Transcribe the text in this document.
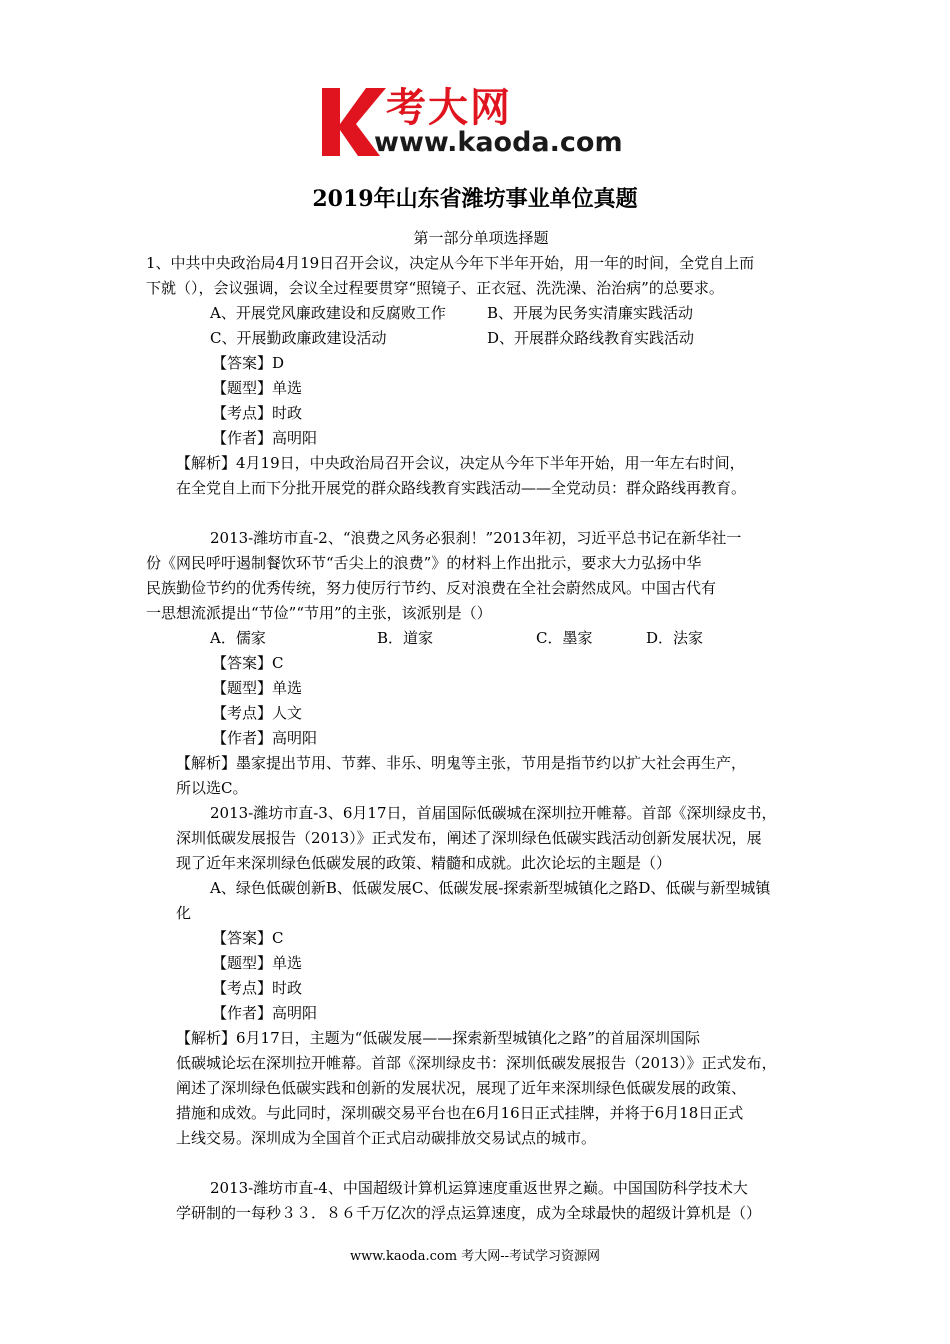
考大网
www.kaoda.com
2019年山东省潍坊事业单位真题
第一部分单项选择题
1、中共中央政治局4月19日召开会议，决定从今年下半年开始，用一年的时间，全党自上而
下就（），会议强调，会议全过程要贯穿“照镜子、正衣冠、洗洗澡、治治病”的总要求。
A、开展党风廉政建设和反腐败工作	B、开展为民务实清廉实践活动
C、开展勤政廉政建设活动	D、开展群众路线教育实践活动
【答案】D
【题型】单选
【考点】时政
【作者】高明阳
【解析】4月19日，中央政治局召开会议，决定从今年下半年开始，用一年左右时间，
在全党自上而下分批开展党的群众路线教育实践活动——全党动员：群众路线再教育。
2013-潍坊市直-2、“浪费之风务必狠刹！”2013年初，习近平总书记在新华社一
份《网民呼吁遏制餐饮环节“舌尖上的浪费”》的材料上作出批示，要求大力弘扬中华
民族勤俭节约的优秀传统，努力使厉行节约、反对浪费在全社会蔚然成风。中国古代有
一思想流派提出“节俭”“节用”的主张，该派别是（）
A．儒家	B．道家	C．墨家	D．法家
【答案】C
【题型】单选
【考点】人文
【作者】高明阳
【解析】墨家提出节用、节葬、非乐、明鬼等主张，节用是指节约以扩大社会再生产，
所以选C。
2013-潍坊市直-3、6月17日，首届国际低碳城在深圳拉开帷幕。首部《深圳绿皮书，
深圳低碳发展报告（2013）》正式发布，阐述了深圳绿色低碳实践活动创新发展状况，展
现了近年来深圳绿色低碳发展的政策、精髓和成就。此次论坛的主题是（）
A、绿色低碳创新B、低碳发展C、低碳发展-探索新型城镇化之路D、低碳与新型城镇
化
【答案】C
【题型】单选
【考点】时政
【作者】高明阳
【解析】6月17日，主题为“低碳发展——探索新型城镇化之路”的首届深圳国际
低碳城论坛在深圳拉开帷幕。首部《深圳绿皮书：深圳低碳发展报告（2013）》正式发布，
阐述了深圳绿色低碳实践和创新的发展状况，展现了近年来深圳绿色低碳发展的政策、
措施和成效。与此同时，深圳碳交易平台也在6月16日正式挂牌，并将于6月18日正式
上线交易。深圳成为全国首个正式启动碳排放交易试点的城市。
2013-潍坊市直-4、中国超级计算机运算速度重返世界之巅。中国国防科学技术大
学研制的一每秒３３．８６千万亿次的浮点运算速度，成为全球最快的超级计算机是（）
www.kaoda.com 考大网--考试学习资源网
